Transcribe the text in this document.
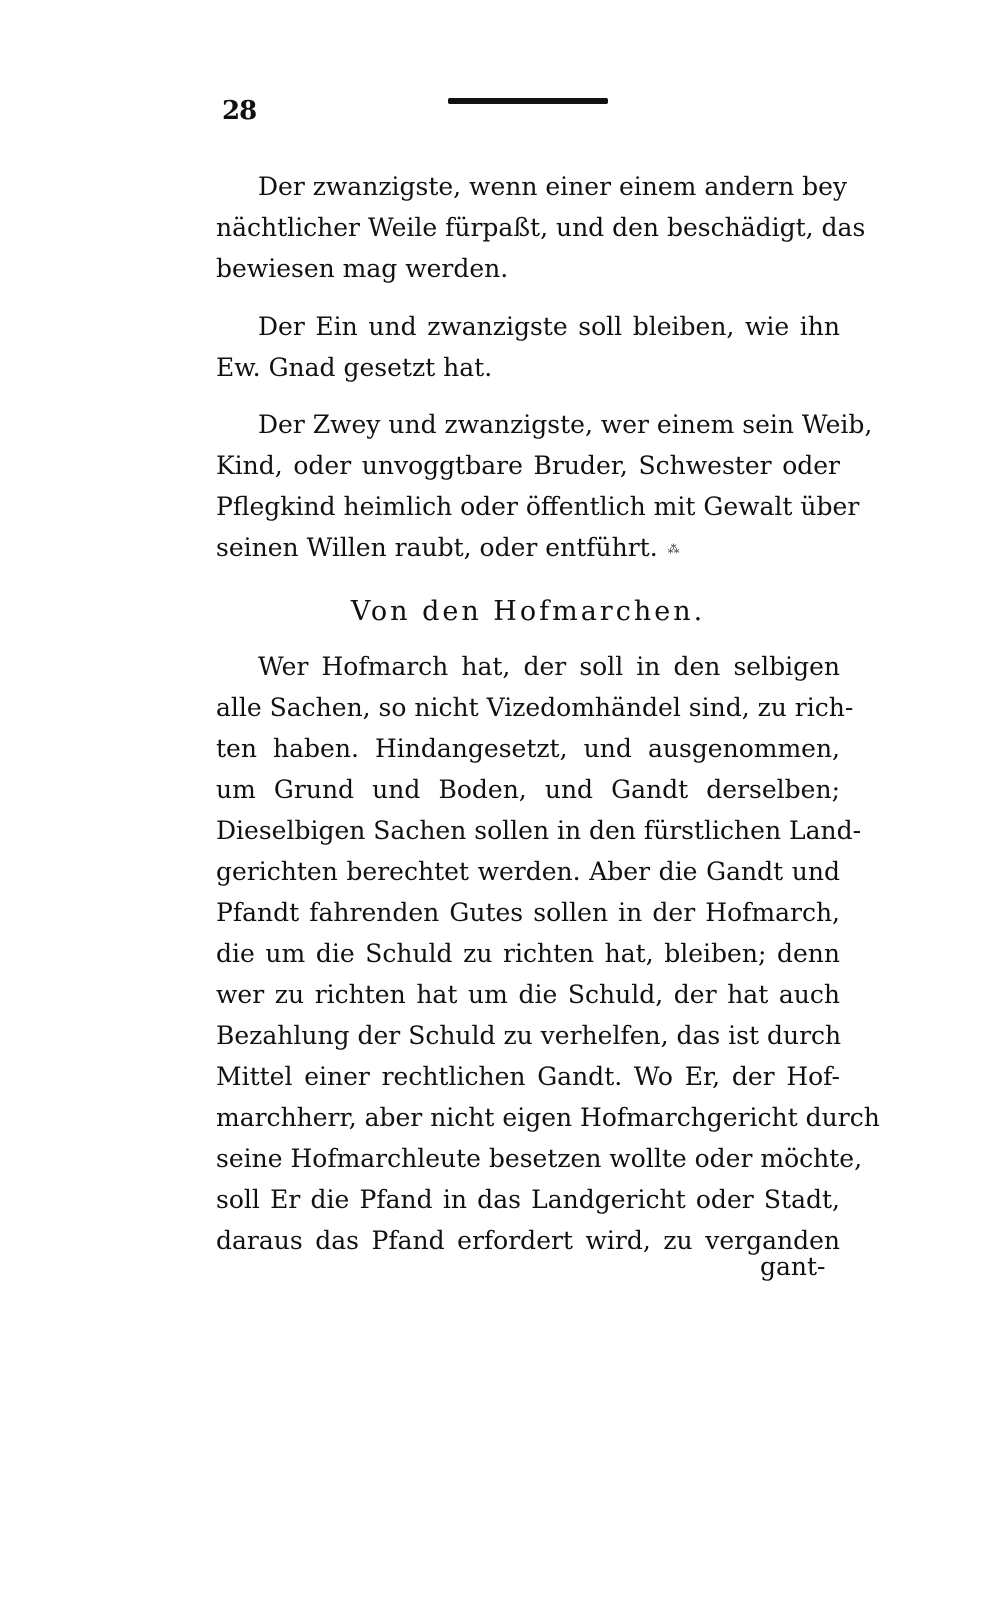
28
Der zwanzigste, wenn einer einem andern bey
nächtlicher Weile fürpaßt, und den beschädigt, das
bewiesen mag werden.
Der Ein und zwanzigste soll bleiben, wie ihn
Ew. Gnad gesetzt hat.
Der Zwey und zwanzigste, wer einem sein Weib,
Kind, oder unvoggtbare Bruder, Schwester oder
Pflegkind heimlich oder öffentlich mit Gewalt über
seinen Willen raubt, oder entführt. ⁂
Von den Hofmarchen.
Wer Hofmarch hat, der soll in den selbigen
alle Sachen, so nicht Vizedomhändel sind, zu rich-
ten haben. Hindangesetzt, und ausgenommen,
um Grund und Boden, und Gandt derselben;
Dieselbigen Sachen sollen in den fürstlichen Land-
gerichten berechtet werden. Aber die Gandt und
Pfandt fahrenden Gutes sollen in der Hofmarch,
die um die Schuld zu richten hat, bleiben; denn
wer zu richten hat um die Schuld, der hat auch
Bezahlung der Schuld zu verhelfen, das ist durch
Mittel einer rechtlichen Gandt. Wo Er, der Hof-
marchherr, aber nicht eigen Hofmarchgericht durch
seine Hofmarchleute besetzen wollte oder möchte,
soll Er die Pfand in das Landgericht oder Stadt,
daraus das Pfand erfordert wird, zu verganden
gant-
